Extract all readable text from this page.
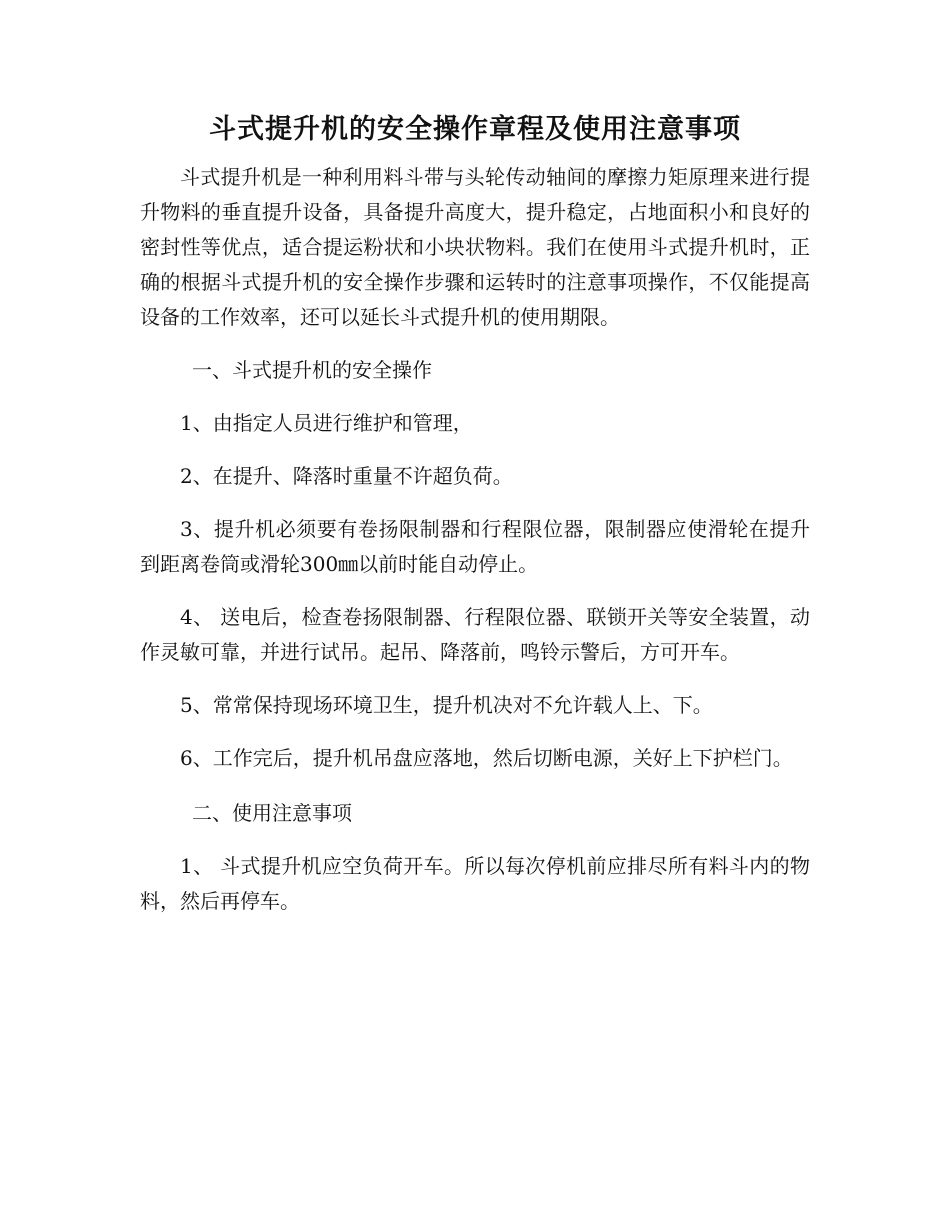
斗式提升机的安全操作章程及使用注意事项

斗式提升机是一种利用料斗带与头轮传动轴间的摩擦力矩原理来进行提升物料的垂直提升设备，具备提升高度大，提升稳定，占地面积小和良好的密封性等优点，适合提运粉状和小块状物料。我们在使用斗式提升机时，正确的根据斗式提升机的安全操作步骤和运转时的注意事项操作，不仅能提高设备的工作效率，还可以延长斗式提升机的使用期限。

一、斗式提升机的安全操作

1、由指定人员进行维护和管理，

2、在提升、降落时重量不许超负荷。

3、提升机必须要有卷扬限制器和行程限位器，限制器应使滑轮在提升到距离卷筒或滑轮300㎜以前时能自动停止。

4、 送电后，检查卷扬限制器、行程限位器、联锁开关等安全装置，动作灵敏可靠，并进行试吊。起吊、降落前，鸣铃示警后，方可开车。

5、常常保持现场环境卫生，提升机决对不允许载人上、下。

6、工作完后，提升机吊盘应落地，然后切断电源，关好上下护栏门。

二、使用注意事项

1、 斗式提升机应空负荷开车。所以每次停机前应排尽所有料斗内的物料，然后再停车。
